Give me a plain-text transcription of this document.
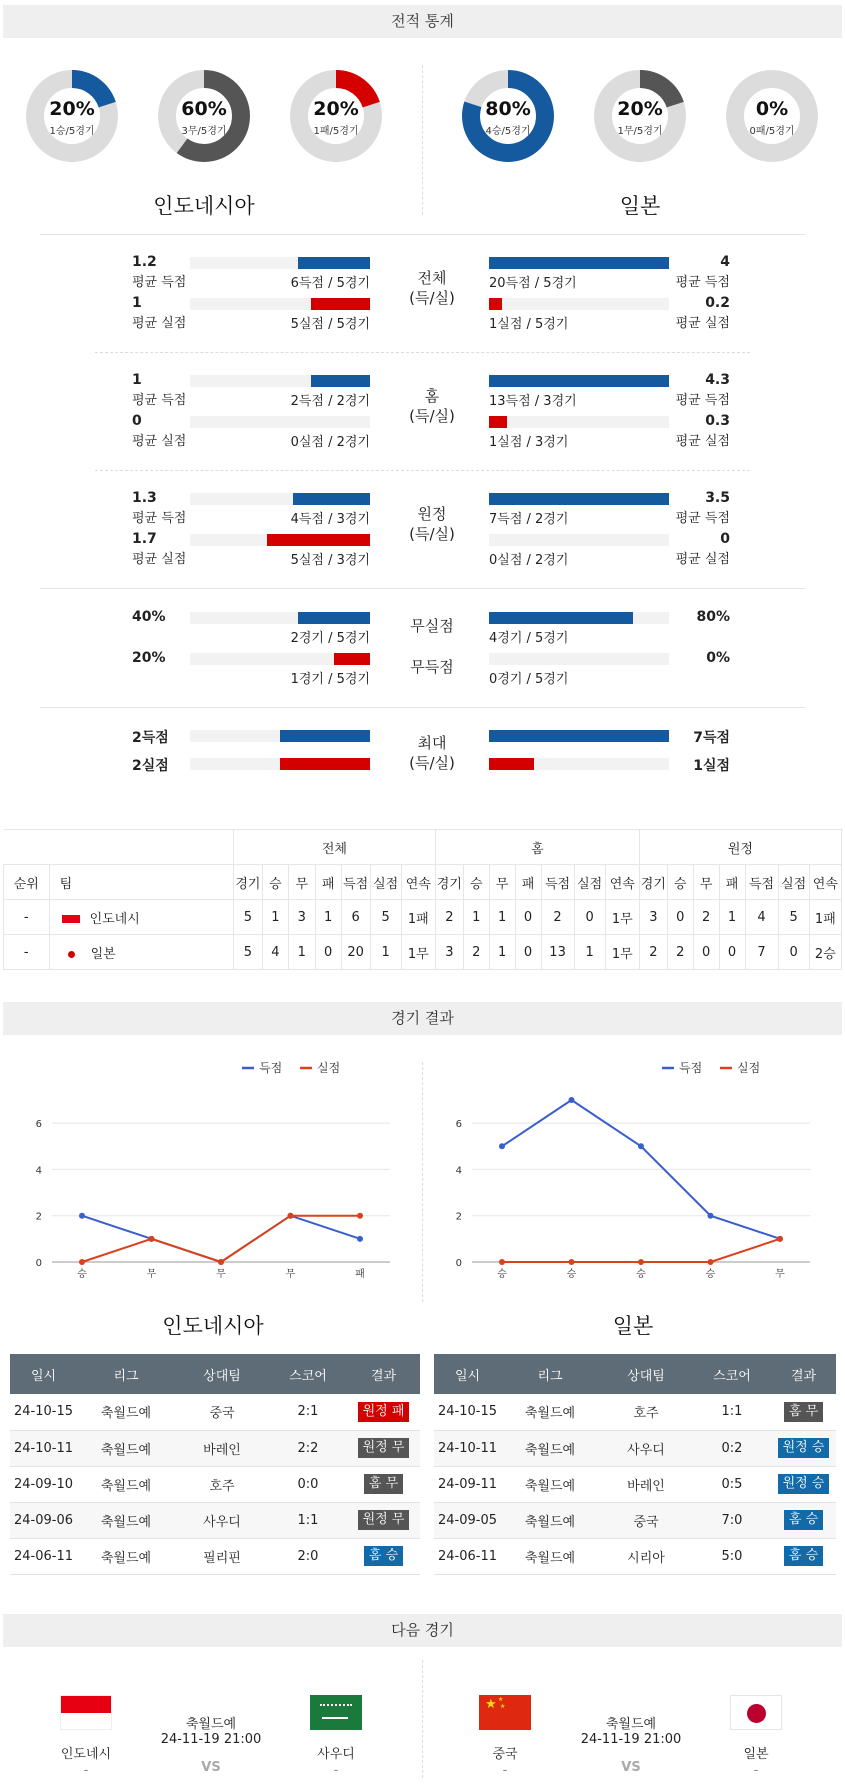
전적 통계
20%
1승/5경기
60%
3무/5경기
20%
1패/5경기
80%
4승/5경기
20%
1무/5경기
0%
0패/5경기
인도네시아	일본
1.2
평균 득점	6득점 / 5경기
1
평균 실점	5실점 / 5경기
전체
(득/실)
20득점 / 5경기
4
평균 득점
1실점 / 5경기
0.2
평균 실점
1
평균 득점	2득점 / 2경기
0
평균 실점	0실점 / 2경기
홈
(득/실)
13득점 / 3경기
4.3
평균 득점
1실점 / 3경기
0.3
평균 실점
1.3
평균 득점	4득점 / 3경기
1.7
평균 실점	5실점 / 3경기
원정
(득/실)
7득점 / 2경기
3.5
평균 득점
0실점 / 2경기
0
평균 실점
40%
2경기 / 5경기
무실점
4경기 / 5경기
80%
20%
1경기 / 5경기
무득점
0경기 / 5경기
0%
2득점
2실점
최대
(득/실)
7득점
1실점
		전체							홈							원정						
순위	팀	경기	승	무	패	득점	실점	연속	경기	승	무	패	득점	실점	연속	경기	승	무	패	득점	실점	연속
-	인도네시	5	1	3	1	6	5	1패	2	1	1	0	2	0	1무	3	0	2	1	4	5	1패
-	일본	5	4	1	0	20	1	1무	3	2	1	0	13	1	1무	2	2	0	0	7	0	2승
경기 결과
0
2
4
6
승	무	무	무	패
득점	실점
0
2
4
6
승	승	승	승	무
득점	실점
인도네시아	일본
일시	리그	상대팀	스코어	결과
24-10-15	축월드예	중국	2:1	원정 패
24-10-11	축월드예	바레인	2:2	원정 무
24-09-10	축월드예	호주	0:0	홈 무
24-09-06	축월드예	사우디	1:1	원정 무
24-06-11	축월드예	필리핀	2:0	홈 승
일시	리그	상대팀	스코어	결과
24-10-15	축월드예	호주	1:1	홈 무
24-10-11	축월드예	사우디	0:2	원정 승
24-09-11	축월드예	바레인	0:5	원정 승
24-09-05	축월드예	중국	7:0	홈 승
24-06-11	축월드예	시리아	5:0	홈 승
다음 경기
인도네시
-
축월드예
24-11-19 21:00
VS
사우디
-
★ ★
★
중국
-
축월드예
24-11-19 21:00
VS
일본
-
